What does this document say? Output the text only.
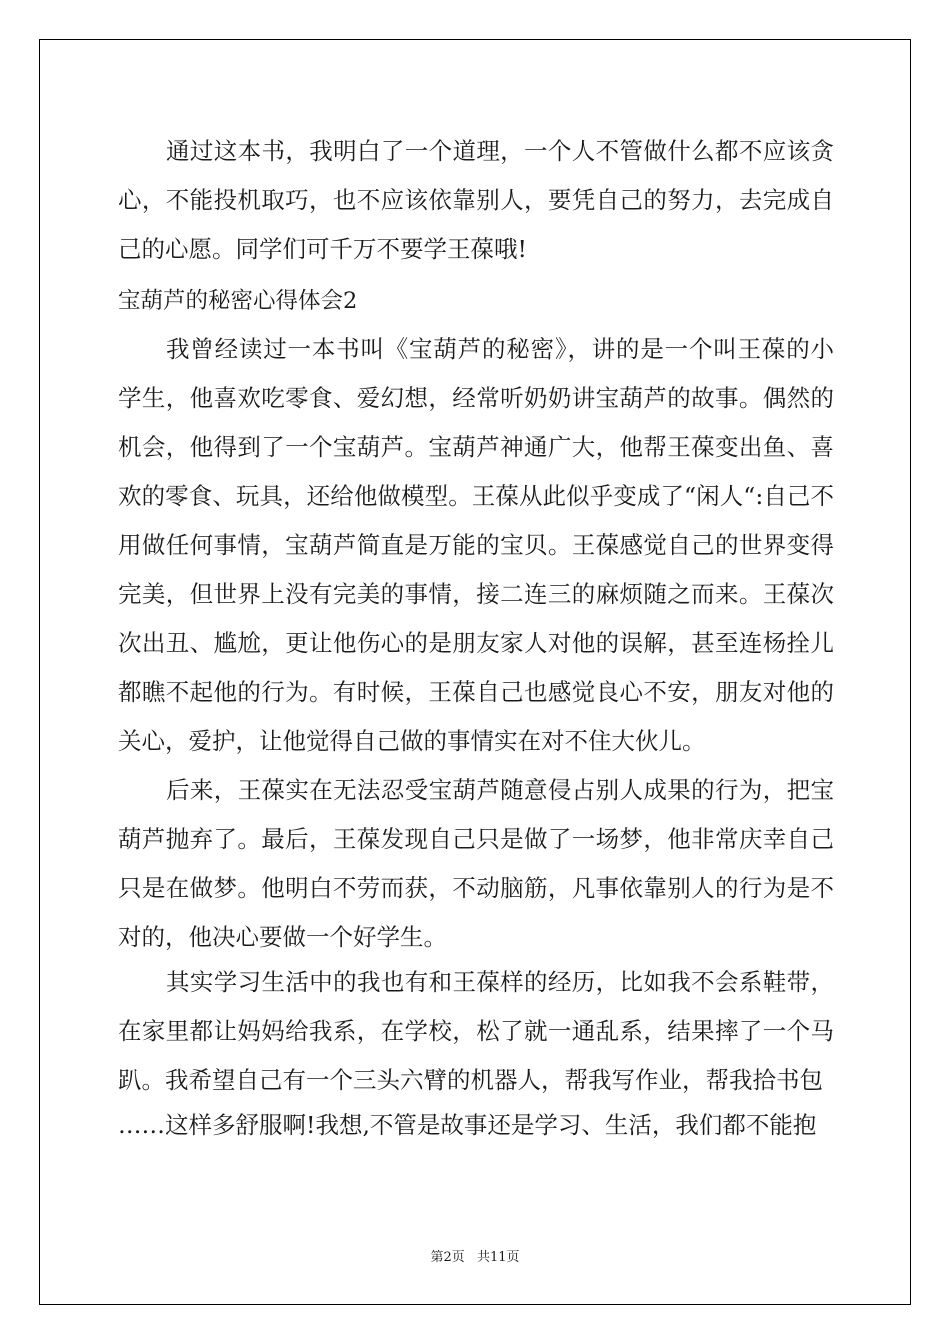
通过这本书，我明白了一个道理，一个人不管做什么都不应该贪心，不能投机取巧，也不应该依靠别人，要凭自己的努力，去完成自己的心愿。同学们可千万不要学王葆哦!

宝葫芦的秘密心得体会2

我曾经读过一本书叫《宝葫芦的秘密》，讲的是一个叫王葆的小学生，他喜欢吃零食、爱幻想，经常听奶奶讲宝葫芦的故事。偶然的机会，他得到了一个宝葫芦。宝葫芦神通广大，他帮王葆变出鱼、喜欢的零食、玩具，还给他做模型。王葆从此似乎变成了“闲人“:自己不用做任何事情，宝葫芦简直是万能的宝贝。王葆感觉自己的世界变得完美，但世界上没有完美的事情，接二连三的麻烦随之而来。王葆次次出丑、尴尬，更让他伤心的是朋友家人对他的误解，甚至连杨拴儿都瞧不起他的行为。有时候，王葆自己也感觉良心不安，朋友对他的关心，爱护，让他觉得自己做的事情实在对不住大伙儿。

后来，王葆实在无法忍受宝葫芦随意侵占别人成果的行为，把宝葫芦抛弃了。最后，王葆发现自己只是做了一场梦，他非常庆幸自己只是在做梦。他明白不劳而获，不动脑筋，凡事依靠别人的行为是不对的，他决心要做一个好学生。

其实学习生活中的我也有和王葆样的经历，比如我不会系鞋带，在家里都让妈妈给我系，在学校，松了就一通乱系，结果摔了一个马趴。我希望自己有一个三头六臂的机器人，帮我写作业，帮我拾书包

……这样多舒服啊!我想,不管是故事还是学习、生活，我们都不能抱

第2页 共11页
